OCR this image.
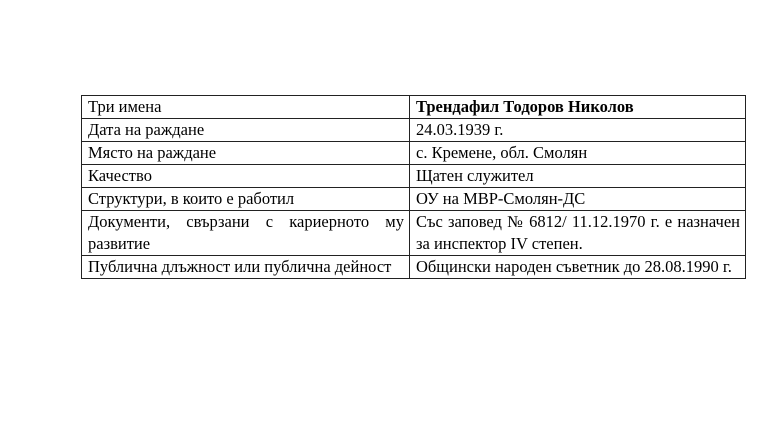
Три имена	Трендафил Тодоров Николов
Дата на раждане	24.03.1939 г.
Място на раждане	с. Кремене, обл. Смолян
Качество	Щатен служител
Структури, в които е работил	ОУ на МВР-Смолян-ДС
Документи, свързани с кариерното му развитие	Със заповед № 6812/ 11.12.1970 г. е назначен за инспектор IV степен.
Публична длъжност или публична дейност	Общински народен съветник до 28.08.1990 г.
